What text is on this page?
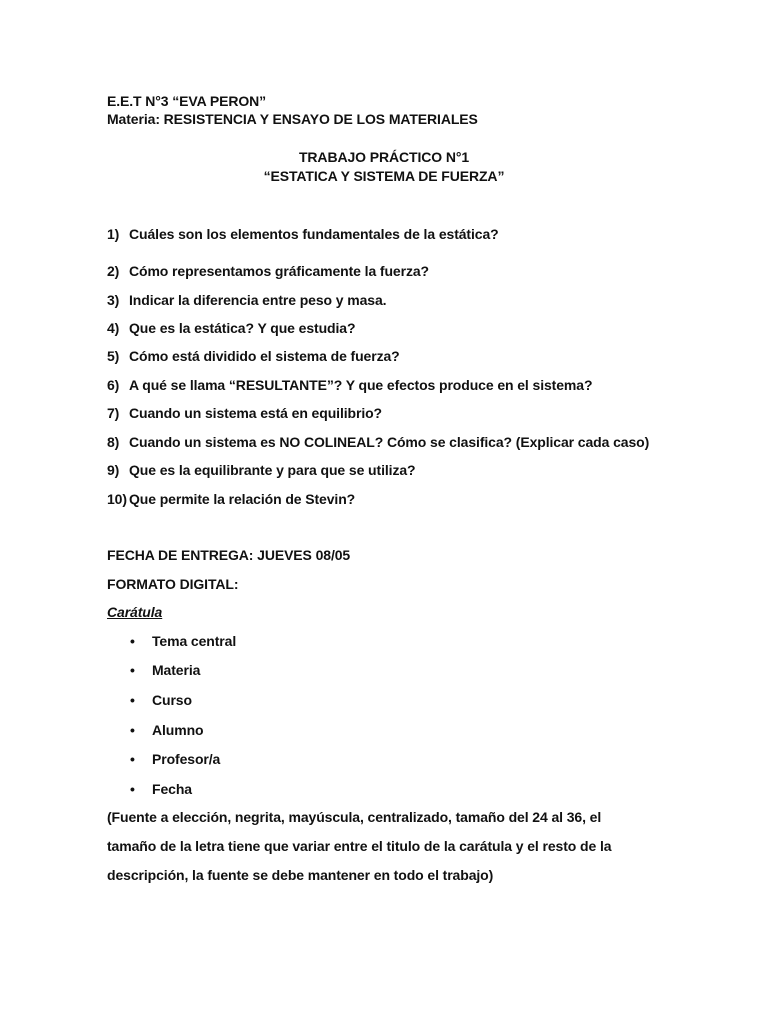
E.E.T N°3 “EVA PERON”
Materia: RESISTENCIA Y ENSAYO DE LOS MATERIALES
TRABAJO PRÁCTICO N°1
“ESTATICA Y SISTEMA DE FUERZA”
1) Cuáles son los elementos fundamentales de la estática?
2) Cómo representamos gráficamente la fuerza?
3) Indicar la diferencia entre peso y masa.
4) Que es la estática? Y que estudia?
5) Cómo está dividido el sistema de fuerza?
6) A qué se llama “RESULTANTE”? Y que efectos produce en el sistema?
7) Cuando un sistema está en equilibrio?
8) Cuando un sistema es NO COLINEAL? Cómo se clasifica? (Explicar cada caso)
9) Que es la equilibrante y para que se utiliza?
10) Que permite la relación de Stevin?
FECHA DE ENTREGA: JUEVES 08/05
FORMATO DIGITAL:
Carátula
• Tema central
• Materia
• Curso
• Alumno
• Profesor/a
• Fecha
(Fuente a elección, negrita, mayúscula, centralizado, tamaño del 24 al 36, el
tamaño de la letra tiene que variar entre el titulo de la carátula y el resto de la
descripción, la fuente se debe mantener en todo el trabajo)
